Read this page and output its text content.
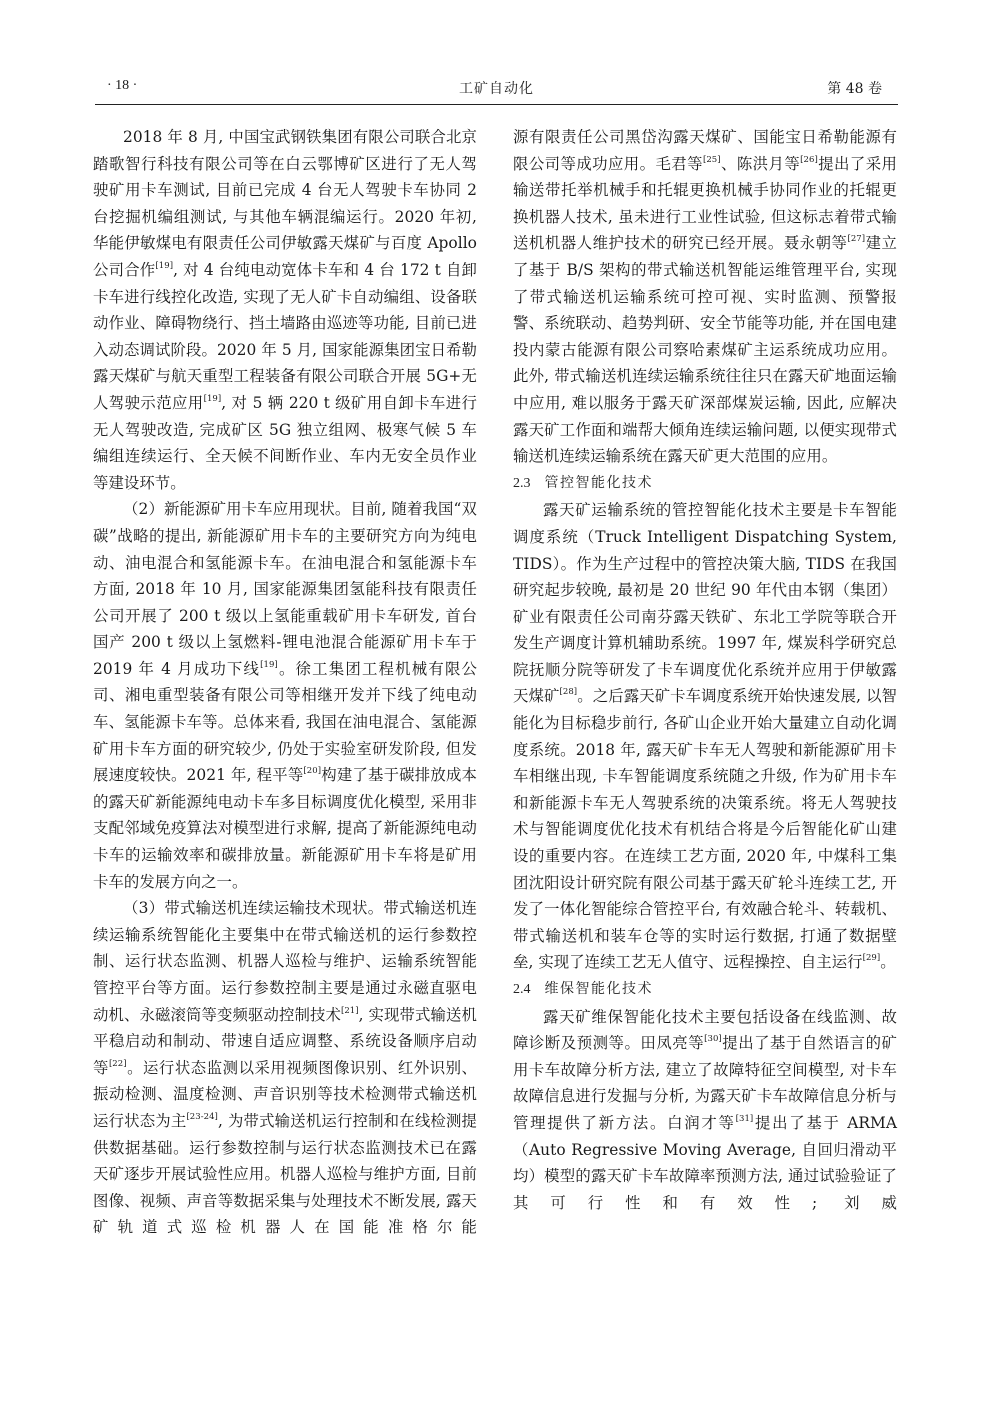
· 18 ·	工矿自动化	第 48 卷

2018 年 8 月, 中国宝武钢铁集团有限公司联合北京踏歌智行科技有限公司等在白云鄂博矿区进行了无人驾驶矿用卡车测试, 目前已完成 4 台无人驾驶卡车协同 2 台挖掘机编组测试, 与其他车辆混编运行。2020 年初, 华能伊敏煤电有限责任公司伊敏露天煤矿与百度 Apollo 公司合作[19], 对 4 台纯电动宽体卡车和 4 台 172 t 自卸卡车进行线控化改造, 实现了无人矿卡自动编组、设备联动作业、障碍物绕行、挡土墙路由巡迹等功能, 目前已进入动态调试阶段。2020 年 5 月, 国家能源集团宝日希勒露天煤矿与航天重型工程装备有限公司联合开展 5G+无人驾驶示范应用[19], 对 5 辆 220 t 级矿用自卸卡车进行无人驾驶改造, 完成矿区 5G 独立组网、极寒气候 5 车编组连续运行、全天候不间断作业、车内无安全员作业等建设环节。

（2）新能源矿用卡车应用现状。目前, 随着我国“双碳”战略的提出, 新能源矿用卡车的主要研究方向为纯电动、油电混合和氢能源卡车。在油电混合和氢能源卡车方面, 2018 年 10 月, 国家能源集团氢能科技有限责任公司开展了 200 t 级以上氢能重载矿用卡车研发, 首台国产 200 t 级以上氢燃料-锂电池混合能源矿用卡车于 2019 年 4 月成功下线[19]。徐工集团工程机械有限公司、湘电重型装备有限公司等相继开发并下线了纯电动车、氢能源卡车等。总体来看, 我国在油电混合、氢能源矿用卡车方面的研究较少, 仍处于实验室研发阶段, 但发展速度较快。2021 年, 程平等[20]构建了基于碳排放成本的露天矿新能源纯电动卡车多目标调度优化模型, 采用非支配邻域免疫算法对模型进行求解, 提高了新能源纯电动卡车的运输效率和碳排放量。新能源矿用卡车将是矿用卡车的发展方向之一。

（3）带式输送机连续运输技术现状。带式输送机连续运输系统智能化主要集中在带式输送机的运行参数控制、运行状态监测、机器人巡检与维护、运输系统智能管控平台等方面。运行参数控制主要是通过永磁直驱电动机、永磁滚筒等变频驱动控制技术[21], 实现带式输送机平稳启动和制动、带速自适应调整、系统设备顺序启动等[22]。运行状态监测以采用视频图像识别、红外识别、振动检测、温度检测、声音识别等技术检测带式输送机运行状态为主[23-24], 为带式输送机运行控制和在线检测提供数据基础。运行参数控制与运行状态监测技术已在露天矿逐步开展试验性应用。机器人巡检与维护方面, 目前图像、视频、声音等数据采集与处理技术不断发展, 露天矿轨道式巡检机器人在国能准格尔能

源有限责任公司黑岱沟露天煤矿、国能宝日希勒能源有限公司等成功应用。毛君等[25]、陈洪月等[26]提出了采用输送带托举机械手和托辊更换机械手协同作业的托辊更换机器人技术, 虽未进行工业性试验, 但这标志着带式输送机机器人维护技术的研究已经开展。聂永朝等[27]建立了基于 B/S 架构的带式输送机智能运维管理平台, 实现了带式输送机运输系统可控可视、实时监测、预警报警、系统联动、趋势判研、安全节能等功能, 并在国电建投内蒙古能源有限公司察哈素煤矿主运系统成功应用。此外, 带式输送机连续运输系统往往只在露天矿地面运输中应用, 难以服务于露天矿深部煤炭运输, 因此, 应解决露天矿工作面和端帮大倾角连续运输问题, 以便实现带式输送机连续运输系统在露天矿更大范围的应用。

2.3 管控智能化技术

露天矿运输系统的管控智能化技术主要是卡车智能调度系统（Truck Intelligent Dispatching System, TIDS）。作为生产过程中的管控决策大脑, TIDS 在我国研究起步较晚, 最初是 20 世纪 90 年代由本钢（集团）矿业有限责任公司南芬露天铁矿、东北工学院等联合开发生产调度计算机辅助系统。1997 年, 煤炭科学研究总院抚顺分院等研发了卡车调度优化系统并应用于伊敏露天煤矿[28]。之后露天矿卡车调度系统开始快速发展, 以智能化为目标稳步前行, 各矿山企业开始大量建立自动化调度系统。2018 年, 露天矿卡车无人驾驶和新能源矿用卡车相继出现, 卡车智能调度系统随之升级, 作为矿用卡车和新能源卡车无人驾驶系统的决策系统。将无人驾驶技术与智能调度优化技术有机结合将是今后智能化矿山建设的重要内容。在连续工艺方面, 2020 年, 中煤科工集团沈阳设计研究院有限公司基于露天矿轮斗连续工艺, 开发了一体化智能综合管控平台, 有效融合轮斗、转载机、带式输送机和装车仓等的实时运行数据, 打通了数据壁垒, 实现了连续工艺无人值守、远程操控、自主运行[29]。

2.4 维保智能化技术

露天矿维保智能化技术主要包括设备在线监测、故障诊断及预测等。田凤亮等[30]提出了基于自然语言的矿用卡车故障分析方法, 建立了故障特征空间模型, 对卡车故障信息进行发掘与分析, 为露天矿卡车故障信息分析与管理提供了新方法。白润才等[31]提出了基于 ARMA（Auto Regressive Moving Average, 自回归滑动平均）模型的露天矿卡车故障率预测方法, 通过试验验证了其可行性和有效性; 刘威
